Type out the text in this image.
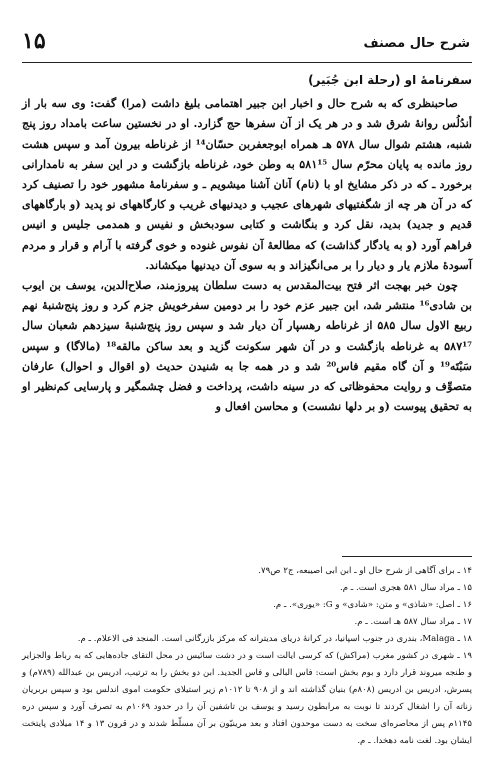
شرح حال مصنف
۱۵
سفرنامهٔ او (رحلة ابن جُبَیر)

صاحبنظری که به شرح حال و اخبار ابن جبیر اهتمامی بلیغ داشت (مرا) گفت: وی سه بار از أندُلُس روانهٔ شرق شد و در هر یک از آن سفرها حج گزارد. او در نخستین ساعت بامداد روز پنج شنبه، هشتم شوال سال ۵۷۸ هـ همراه ابوجعفربن حسّان¹⁴ از غرناطه بیرون آمد و سپس هشت روز مانده به پایان محرّم سال ۵۸۱¹⁵ به وطن خود، غرناطه بازگشت و در این سفر به نامدارانی برخورد ـ که در ذکر مشایخ او با (نام) آنان آشنا میشویم ـ و سفرنامهٔ مشهور خود را تصنیف کرد که در آن هر چه از شگفتیهای شهرهای عجیب و دیدنیهای غریب و کارگاههای نو پدید (و بارگاههای قدیم و جدید) بدید، نقل کرد و بنگاشت و کتابی سودبخش و نفیس و همدمی جلیس و انیس فراهم آورد (و به یادگار گذاشت) که مطالعهٔ آن نفوس غنوده و خوی گرفته با آرام و قرار و مردم آسودهٔ ملازم یار و دیار را بر می‌انگیزاند و به سوی آن دیدنیها میکشاند.

چون خبر بهجت اثر فتح بیت‌المقدس به دست سلطان پیروزمند، صلاح‌الدین، یوسف بن ایوب بن شادی¹⁶ منتشر شد، ابن جبیر عزم خود را بر دومین سفرخویش جزم کرد و روز پنج‌شنبهٔ نهم ربیع الاول سال ۵۸۵ از غرناطه رهسپار آن دیار شد و سپس روز پنج‌شنبهٔ سیزدهم شعبان سال ۵۸۷¹⁷ به غرناطه بازگشت و در آن شهر سکونت گزید و بعد ساکن مالقه¹⁸ (مالاگا) و سپس سَبْتَه¹⁹ و آن گاه مقیم فاس²⁰ شد و در همه جا به شنیدن حدیث (و اقوال و احوال) عارفان متصوِّف و روایت محفوظاتی که در سینه داشت، پرداخت و فضل چشمگیر و پارسایی کم‌نظیر او به تحقیق پیوست (و بر دلها نشست) و محاسن افعال و

۱۴ ـ برای آگاهی از شرح حال او ـ ابن ابی اصیبعه، ج۲ ص۷۹.
۱۵ ـ مراد سال ۵۸۱ هجری است. ـ م.
۱۶ ـ اصل: «شاذی» و متن: «شادی» و G: «یوری». ـ م.
۱۷ ـ مراد سال ۵۸۷ هـ است. ـ م.
۱۸ ـ Malaga، بندری در جنوب اسپانیا، در کرانهٔ دریای مدیترانه که مرکز بازرگانی است. المنجد فی الاعلام. ـ م.
۱۹ ـ شهری در کشور مغرب (مراکش) که کرسی ایالت است و در دشت سائیس در محل التقای جاده‌هایی که به رباط والجزایر و طنجه میروند قرار دارد و بوم بخش است: فاس البالی و فاس الجدید. ابن دو بخش را به ترتیب، ادریس بن عبدالله (۷۸۹م) و پسرش، ادریس بن ادریس (۸۰۸م) بنیان گذاشته اند و از ۹۰۸ تا ۱۰۱۲م زیر استیلای حکومت اموی اندلس بود و سپس بربریان زناته آن را اشغال کردند تا نوبت به مرابطون رسید و یوسف بن تاشفین آن را در حدود ۱۰۶۹م به تصرف آورد و سپس دره ۱۱۴۵م پس از محاصره‌ای سخت به دست موحدون افتاد و بعد مرینیّون بر آن مسلّط شدند و در قرون ۱۳ و ۱۴ میلادی پایتخت ایشان بود. لغت نامه دهخدا. ـ م.
